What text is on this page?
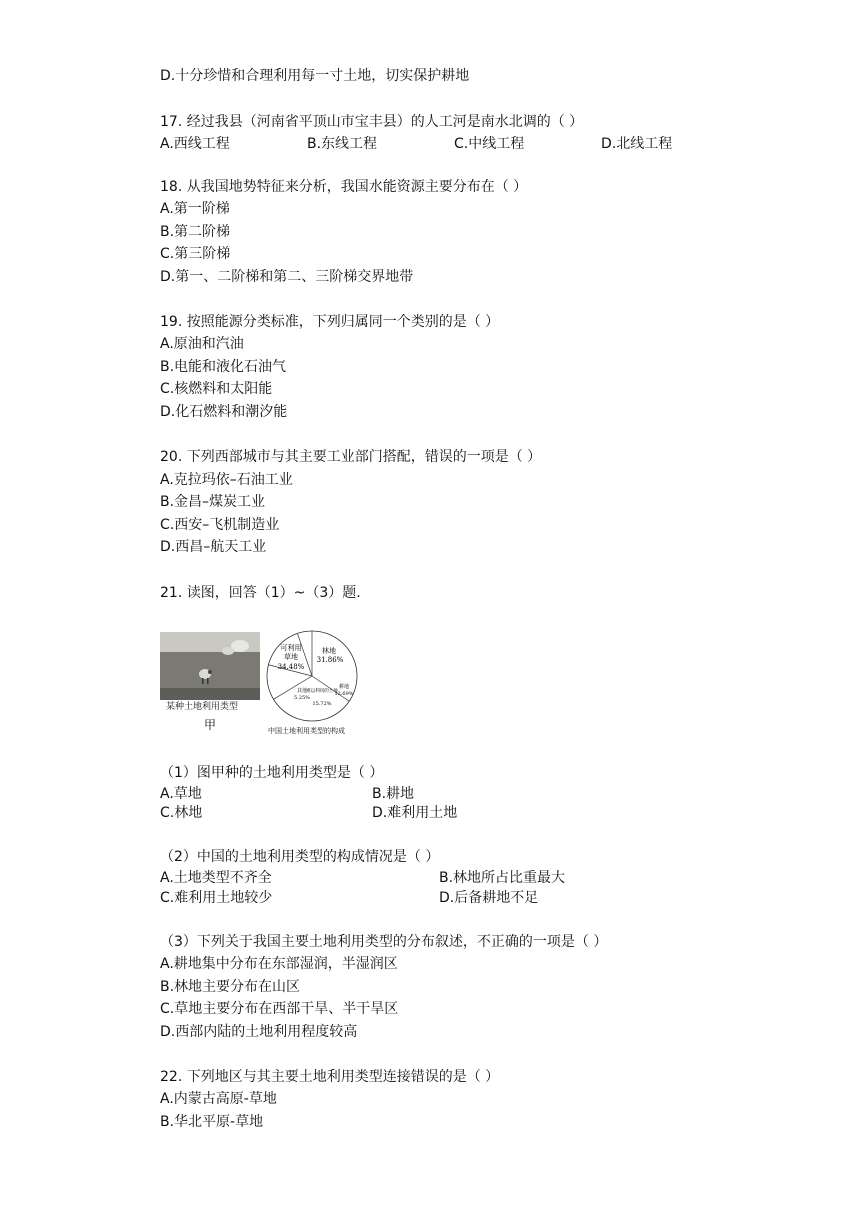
D.十分珍惜和合理利用每一寸土地，切实保护耕地
17. 经过我县（河南省平顶山市宝丰县）的人工河是南水北调的（ ）
A.西线工程	B.东线工程	C.中线工程	D.北线工程
18. 从我国地势特征来分析，我国水能资源主要分布在（ ）
A.第一阶梯
B.第二阶梯
C.第三阶梯
D.第一、二阶梯和第二、三阶梯交界地带
19. 按照能源分类标准，下列归属同一个类别的是（ ）
A.原油和汽油
B.电能和液化石油气
C.核燃料和太阳能
D.化石燃料和潮汐能
20. 下列西部城市与其主要工业部门搭配，错误的一项是（ ）
A.克拉玛依–石油工业
B.金昌–煤炭工业
C.西安–飞机制造业
D.西昌–航天工业
21. 读图，回答（1）~（3）题.
某种土地利用类型
甲
可利用
草地
34.48%
林地
31.86%
耕地
12.69%
难以利用的土地
15.72%
其他
5.25%
中国土地利用类型的构成
（1）图甲种的土地利用类型是（ ）
A.草地	B.耕地
C.林地	D.难利用土地
（2）中国的土地利用类型的构成情况是（ ）
A.土地类型不齐全	B.林地所占比重最大
C.难利用土地较少	D.后备耕地不足
（3）下列关于我国主要土地利用类型的分布叙述，不正确的一项是（ ）
A.耕地集中分布在东部湿润，半湿润区
B.林地主要分布在山区
C.草地主要分布在西部干旱、半干旱区
D.西部内陆的土地利用程度较高
22. 下列地区与其主要土地利用类型连接错误的是（ ）
A.内蒙古高原-草地
B.华北平原-草地
